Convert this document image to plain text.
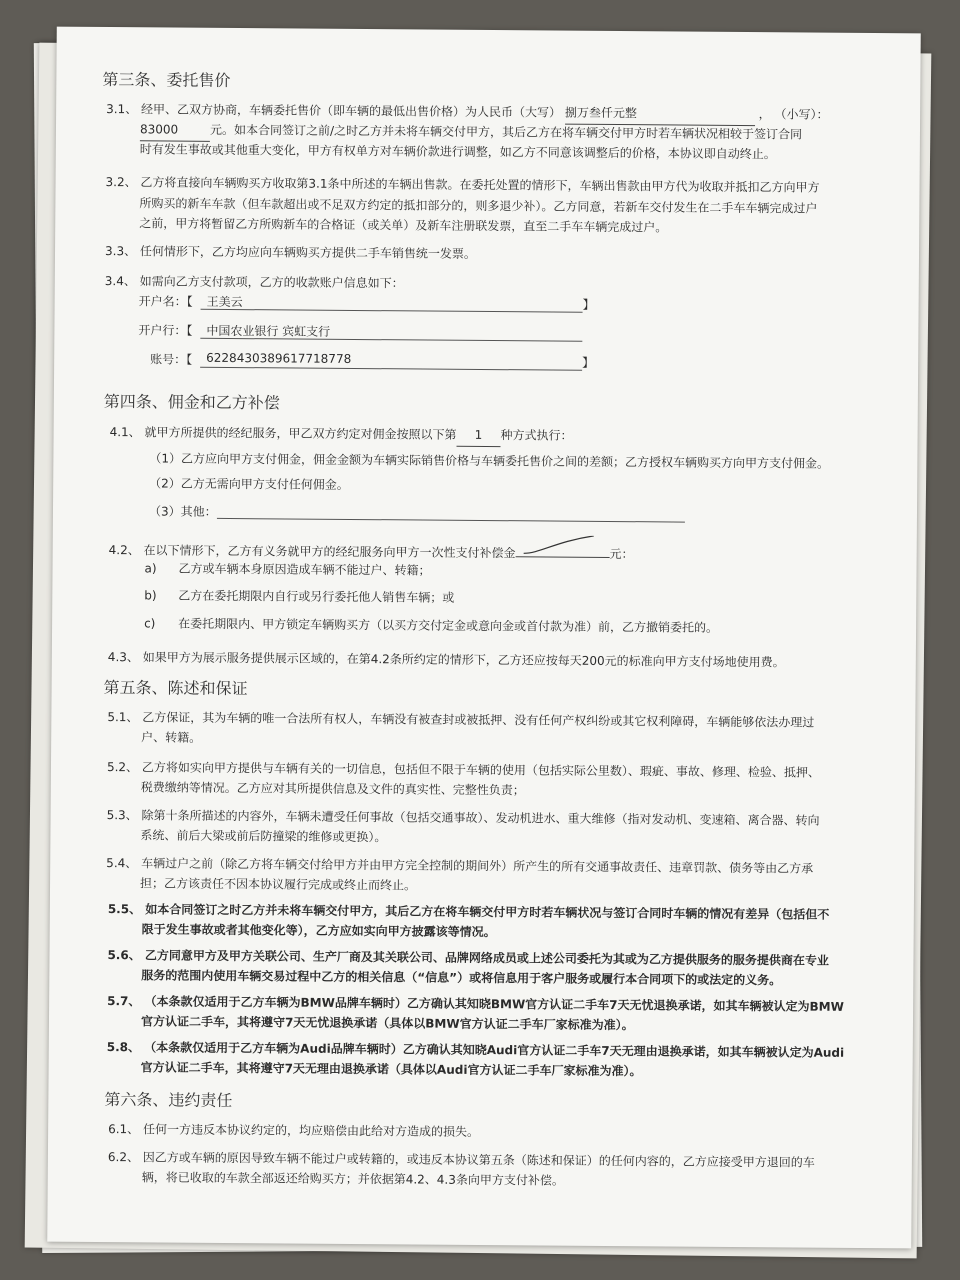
第三条、委托售价
3.1、 经甲、乙双方协商，车辆委托售价（即车辆的最低出售价格）为人民币（大写） 捌万叁仟元整	， （小写）：
83000	元。如本合同签订之前/之时乙方并未将车辆交付甲方，其后乙方在将车辆交付甲方时若车辆状况相较于签订合同
时有发生事故或其他重大变化，甲方有权单方对车辆价款进行调整，如乙方不同意该调整后的价格，本协议即自动终止。
3.2、 乙方将直接向车辆购买方收取第3.1条中所述的车辆出售款。在委托处置的情形下，车辆出售款由甲方代为收取并抵扣乙方向甲方
所购买的新车车款（但车款超出或不足双方约定的抵扣部分的，则多退少补）。乙方同意，若新车交付发生在二手车车辆完成过户
之前，甲方将暂留乙方所购新车的合格证（或关单）及新车注册联发票，直至二手车车辆完成过户。
3.3、 任何情形下，乙方均应向车辆购买方提供二手车销售统一发票。
3.4、 如需向乙方支付款项，乙方的收款账户信息如下：
开户名：【 王美云	】
开户行：【 中国农业银行 宾虹支行
账号：【 6228430389617718778	】
第四条、佣金和乙方补偿
4.1、 就甲方所提供的经纪服务，甲乙双方约定对佣金按照以下第 1 种方式执行：
（1）乙方应向甲方支付佣金，佣金金额为车辆实际销售价格与车辆委托售价之间的差额；乙方授权车辆购买方向甲方支付佣金。
（2）乙方无需向甲方支付任何佣金。
（3）其他：
4.2、 在以下情形下，乙方有义务就甲方的经纪服务向甲方一次性支付补偿金	元：
a) 乙方或车辆本身原因造成车辆不能过户、转籍；
b) 乙方在委托期限内自行或另行委托他人销售车辆；或
c) 在委托期限内、甲方锁定车辆购买方（以买方交付定金或意向金或首付款为准）前，乙方撤销委托的。
4.3、 如果甲方为展示服务提供展示区域的，在第4.2条所约定的情形下，乙方还应按每天200元的标准向甲方支付场地使用费。
第五条、陈述和保证
5.1、 乙方保证，其为车辆的唯一合法所有权人，车辆没有被查封或被抵押、没有任何产权纠纷或其它权利障碍，车辆能够依法办理过
户、转籍。
5.2、 乙方将如实向甲方提供与车辆有关的一切信息，包括但不限于车辆的使用（包括实际公里数）、瑕疵、事故、修理、检验、抵押、
税费缴纳等情况。乙方应对其所提供信息及文件的真实性、完整性负责；
5.3、 除第十条所描述的内容外，车辆未遭受任何事故（包括交通事故）、发动机进水、重大维修（指对发动机、变速箱、离合器、转向
系统、前后大梁或前后防撞梁的维修或更换）。
5.4、 车辆过户之前（除乙方将车辆交付给甲方并由甲方完全控制的期间外）所产生的所有交通事故责任、违章罚款、债务等由乙方承
担；乙方该责任不因本协议履行完成或终止而终止。
5.5、 如本合同签订之时乙方并未将车辆交付甲方，其后乙方在将车辆交付甲方时若车辆状况与签订合同时车辆的情况有差异（包括但不
限于发生事故或者其他变化等），乙方应如实向甲方披露该等情况。
5.6、 乙方同意甲方及甲方关联公司、生产厂商及其关联公司、品牌网络成员或上述公司委托为其或为乙方提供服务的服务提供商在专业
服务的范围内使用车辆交易过程中乙方的相关信息（“信息”）或将信息用于客户服务或履行本合同项下的或法定的义务。
5.7、 （本条款仅适用于乙方车辆为BMW品牌车辆时）乙方确认其知晓BMW官方认证二手车7天无忧退换承诺，如其车辆被认定为BMW
官方认证二手车，其将遵守7天无忧退换承诺（具体以BMW官方认证二手车厂家标准为准）。
5.8、 （本条款仅适用于乙方车辆为Audi品牌车辆时）乙方确认其知晓Audi官方认证二手车7天无理由退换承诺，如其车辆被认定为Audi
官方认证二手车，其将遵守7天无理由退换承诺（具体以Audi官方认证二手车厂家标准为准）。
第六条、违约责任
6.1、 任何一方违反本协议约定的，均应赔偿由此给对方造成的损失。
6.2、 因乙方或车辆的原因导致车辆不能过户或转籍的，或违反本协议第五条（陈述和保证）的任何内容的，乙方应接受甲方退回的车
辆，将已收取的车款全部返还给购买方；并依据第4.2、4.3条向甲方支付补偿。
